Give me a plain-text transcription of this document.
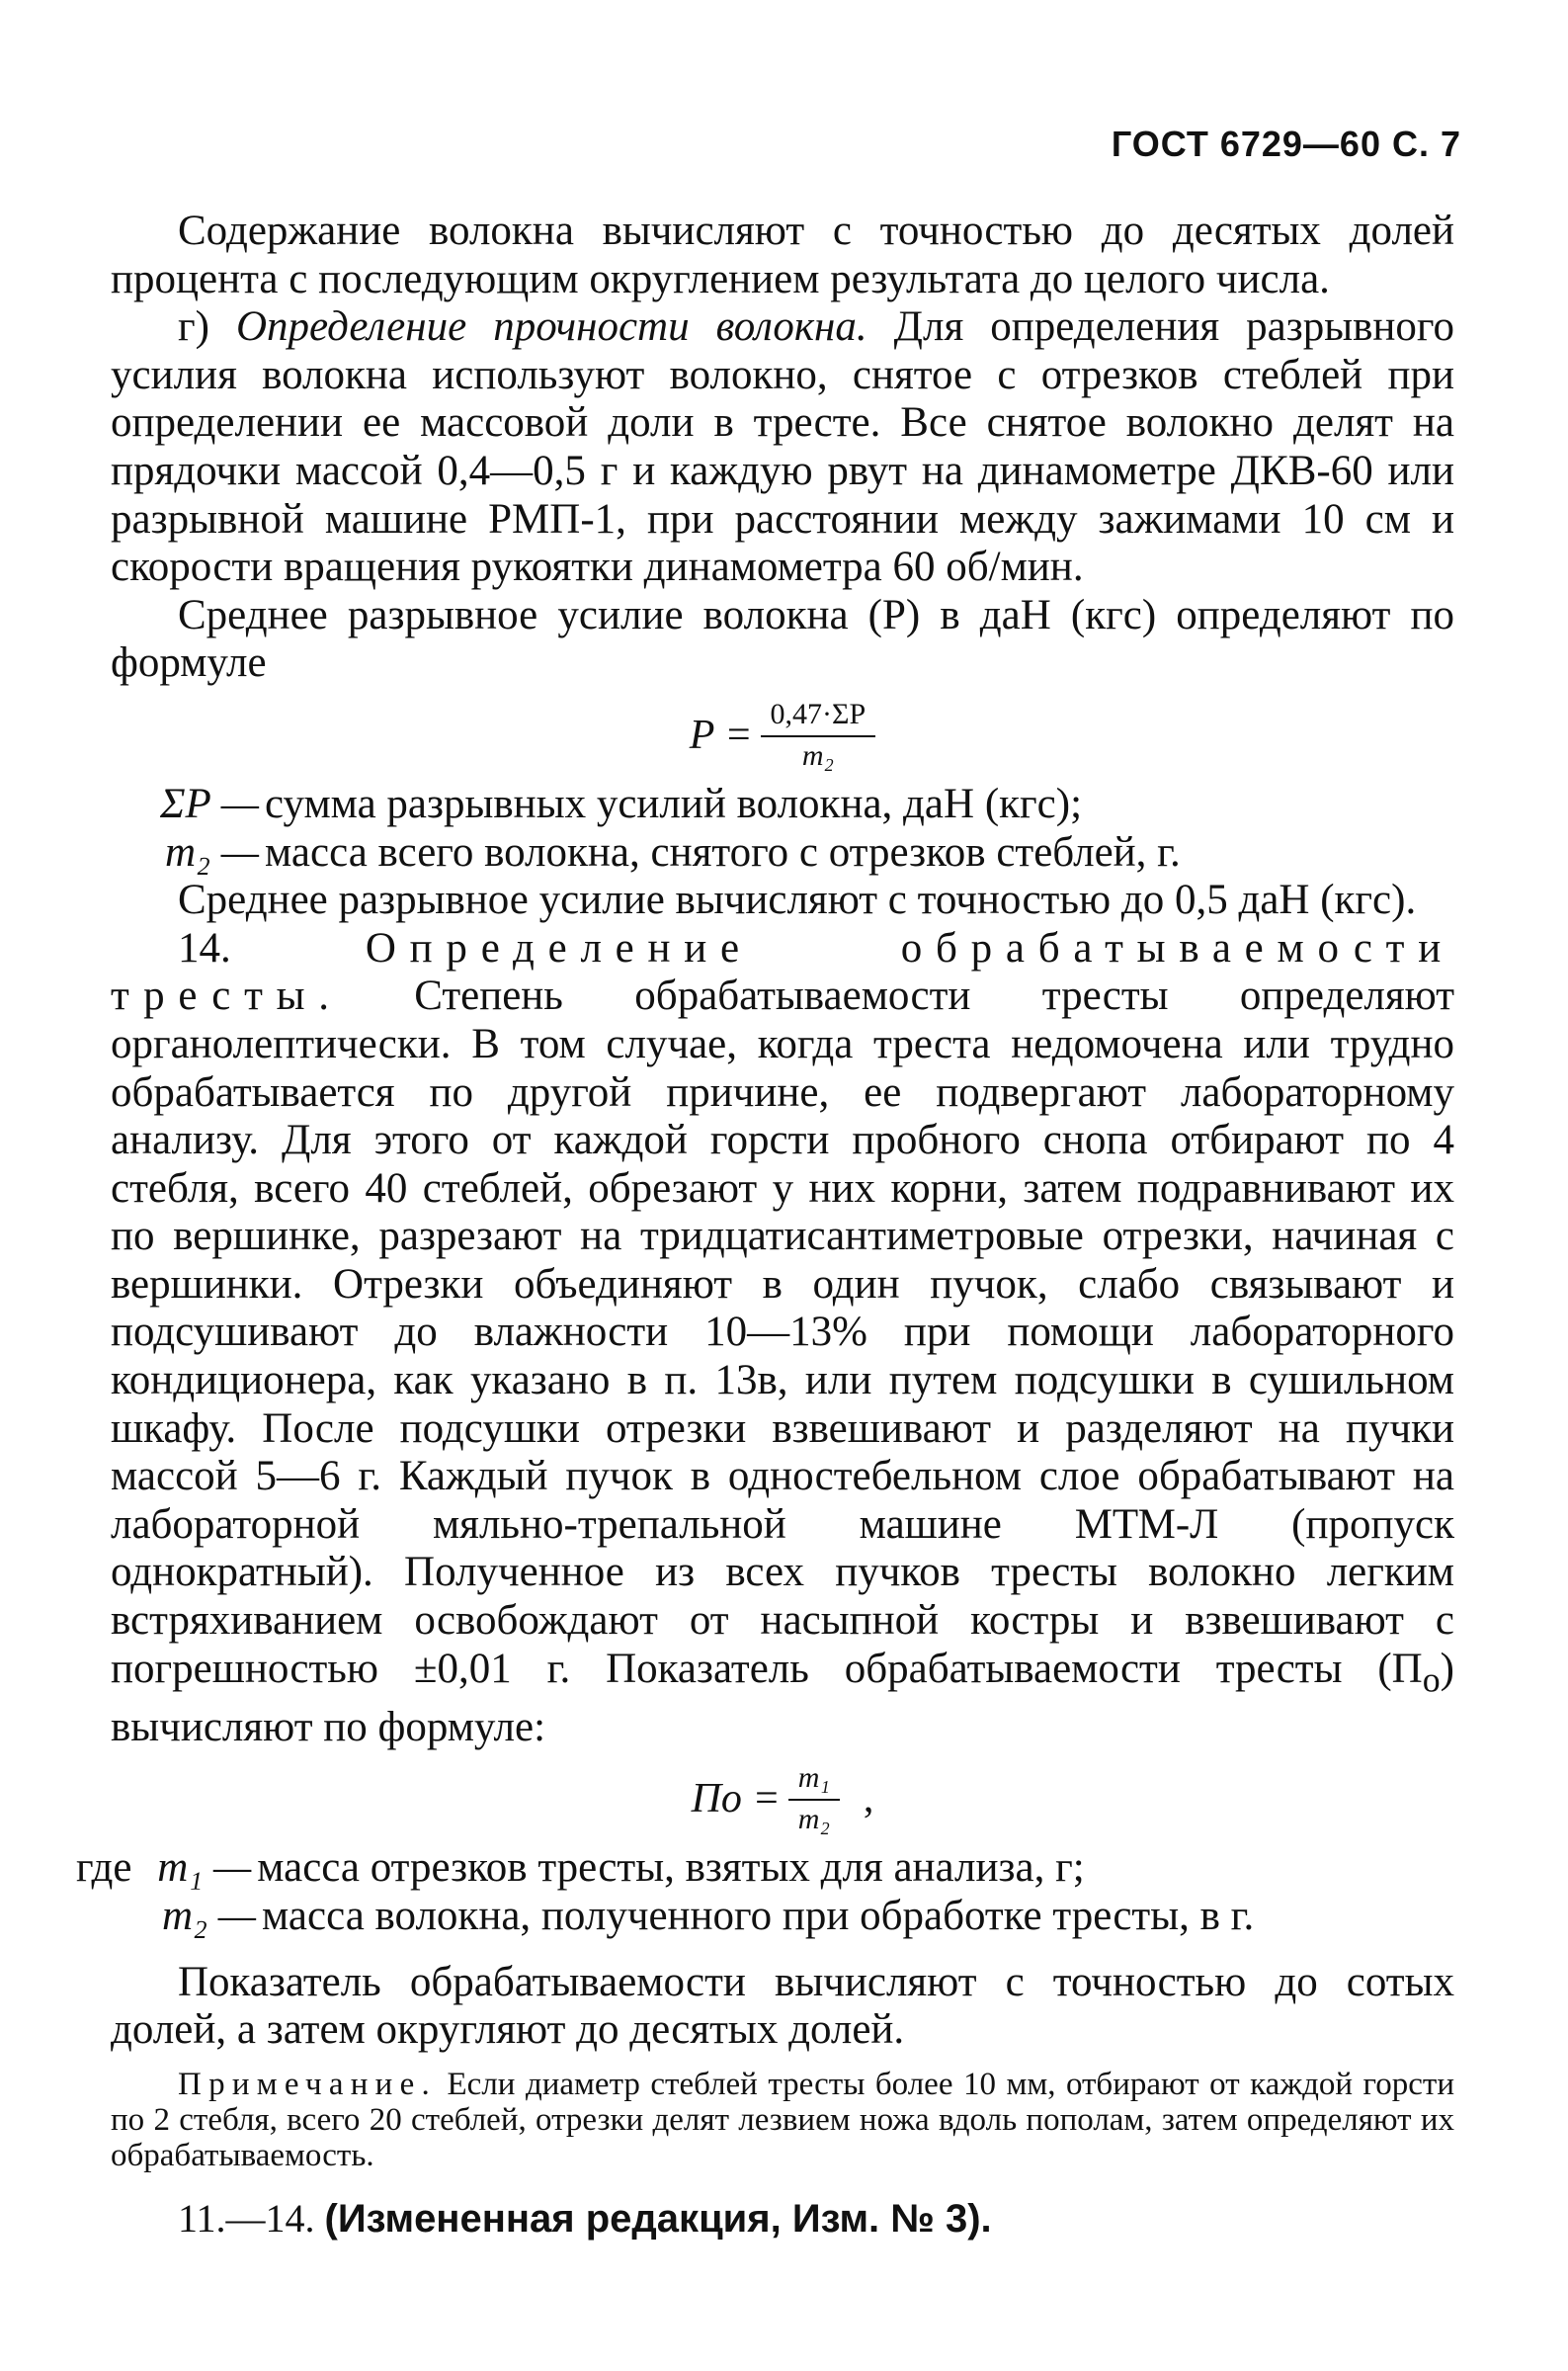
ГОСТ 6729—60 С. 7

Содержание волокна вычисляют с точностью до десятых долей процента с последующим округлением результата до целого числа.

г) Определение прочности волокна. Для определения разрывного усилия волокна используют волокно, снятое с отрезков стеблей при определении ее массовой доли в тресте. Все снятое волокно делят на прядочки массой 0,4—0,5 г и каждую рвут на динамометре ДКВ-60 или разрывной машине РМП-1, при расстоянии между зажимами 10 см и скорости вращения рукоятки динамометра 60 об/мин.

Среднее разрывное усилие волокна (P) в даН (кгс) определяют по формуле

$P = \frac{0,47\cdot\Sigma P}{\text{m₂}}$
ΣP — сумма разрывных усилий волокна, даН (кгс);
m₂ — масса всего волокна, снятого с отрезков стеблей, г.

Среднее разрывное усилие вычисляют с точностью до 0,5 даН (кгс).

14. Определение обрабатываемости тресты. Степень обрабатываемости тресты определяют органолептически. В том случае, когда треста недомочена или трудно обрабатывается по другой причине, ее подвергают лабораторному анализу. Для этого от каждой горсти пробного снопа отбирают по 4 стебля, всего 40 стеблей, обрезают у них корни, затем подравнивают их по вершинке, разрезают на тридцатисантиметровые отрезки, начиная с вершинки. Отрезки объединяют в один пучок, слабо связывают и подсушивают до влажности 10—13% при помощи лабораторного кондиционера, как указано в п. 13в, или путем подсушки в сушильном шкафу. После подсушки отрезки взвешивают и разделяют на пучки массой 5—6 г. Каждый пучок в одностебельном слое обрабатывают на лабораторной мяльно-трепальной машине МТМ-Л (пропуск однократный). Полученное из всех пучков тресты волокно легким встряхиванием освобождают от насыпной костры и взвешивают с погрешностью ±0,01 г. Показатель обрабатываемости тресты $(П_о)$ вычисляют по формуле:

По = $\frac{\text{m₁}}{\text{m₂}}$ ,
где m₁ — масса отрезков тресты, взятых для анализа, г;
m₂ — масса волокна, полученного при обработке тресты, в г.

Показатель обрабатываемости вычисляют с точностью до сотых долей, а затем округляют до десятых долей.

Примечание. Если диаметр стеблей тресты более 10 мм, отбирают от каждой горсти по 2 стебля, всего 20 стеблей, отрезки делят лезвием ножа вдоль пополам, затем определяют их обрабатываемость.

11.—14. (Измененная редакция, Изм. № 3).
